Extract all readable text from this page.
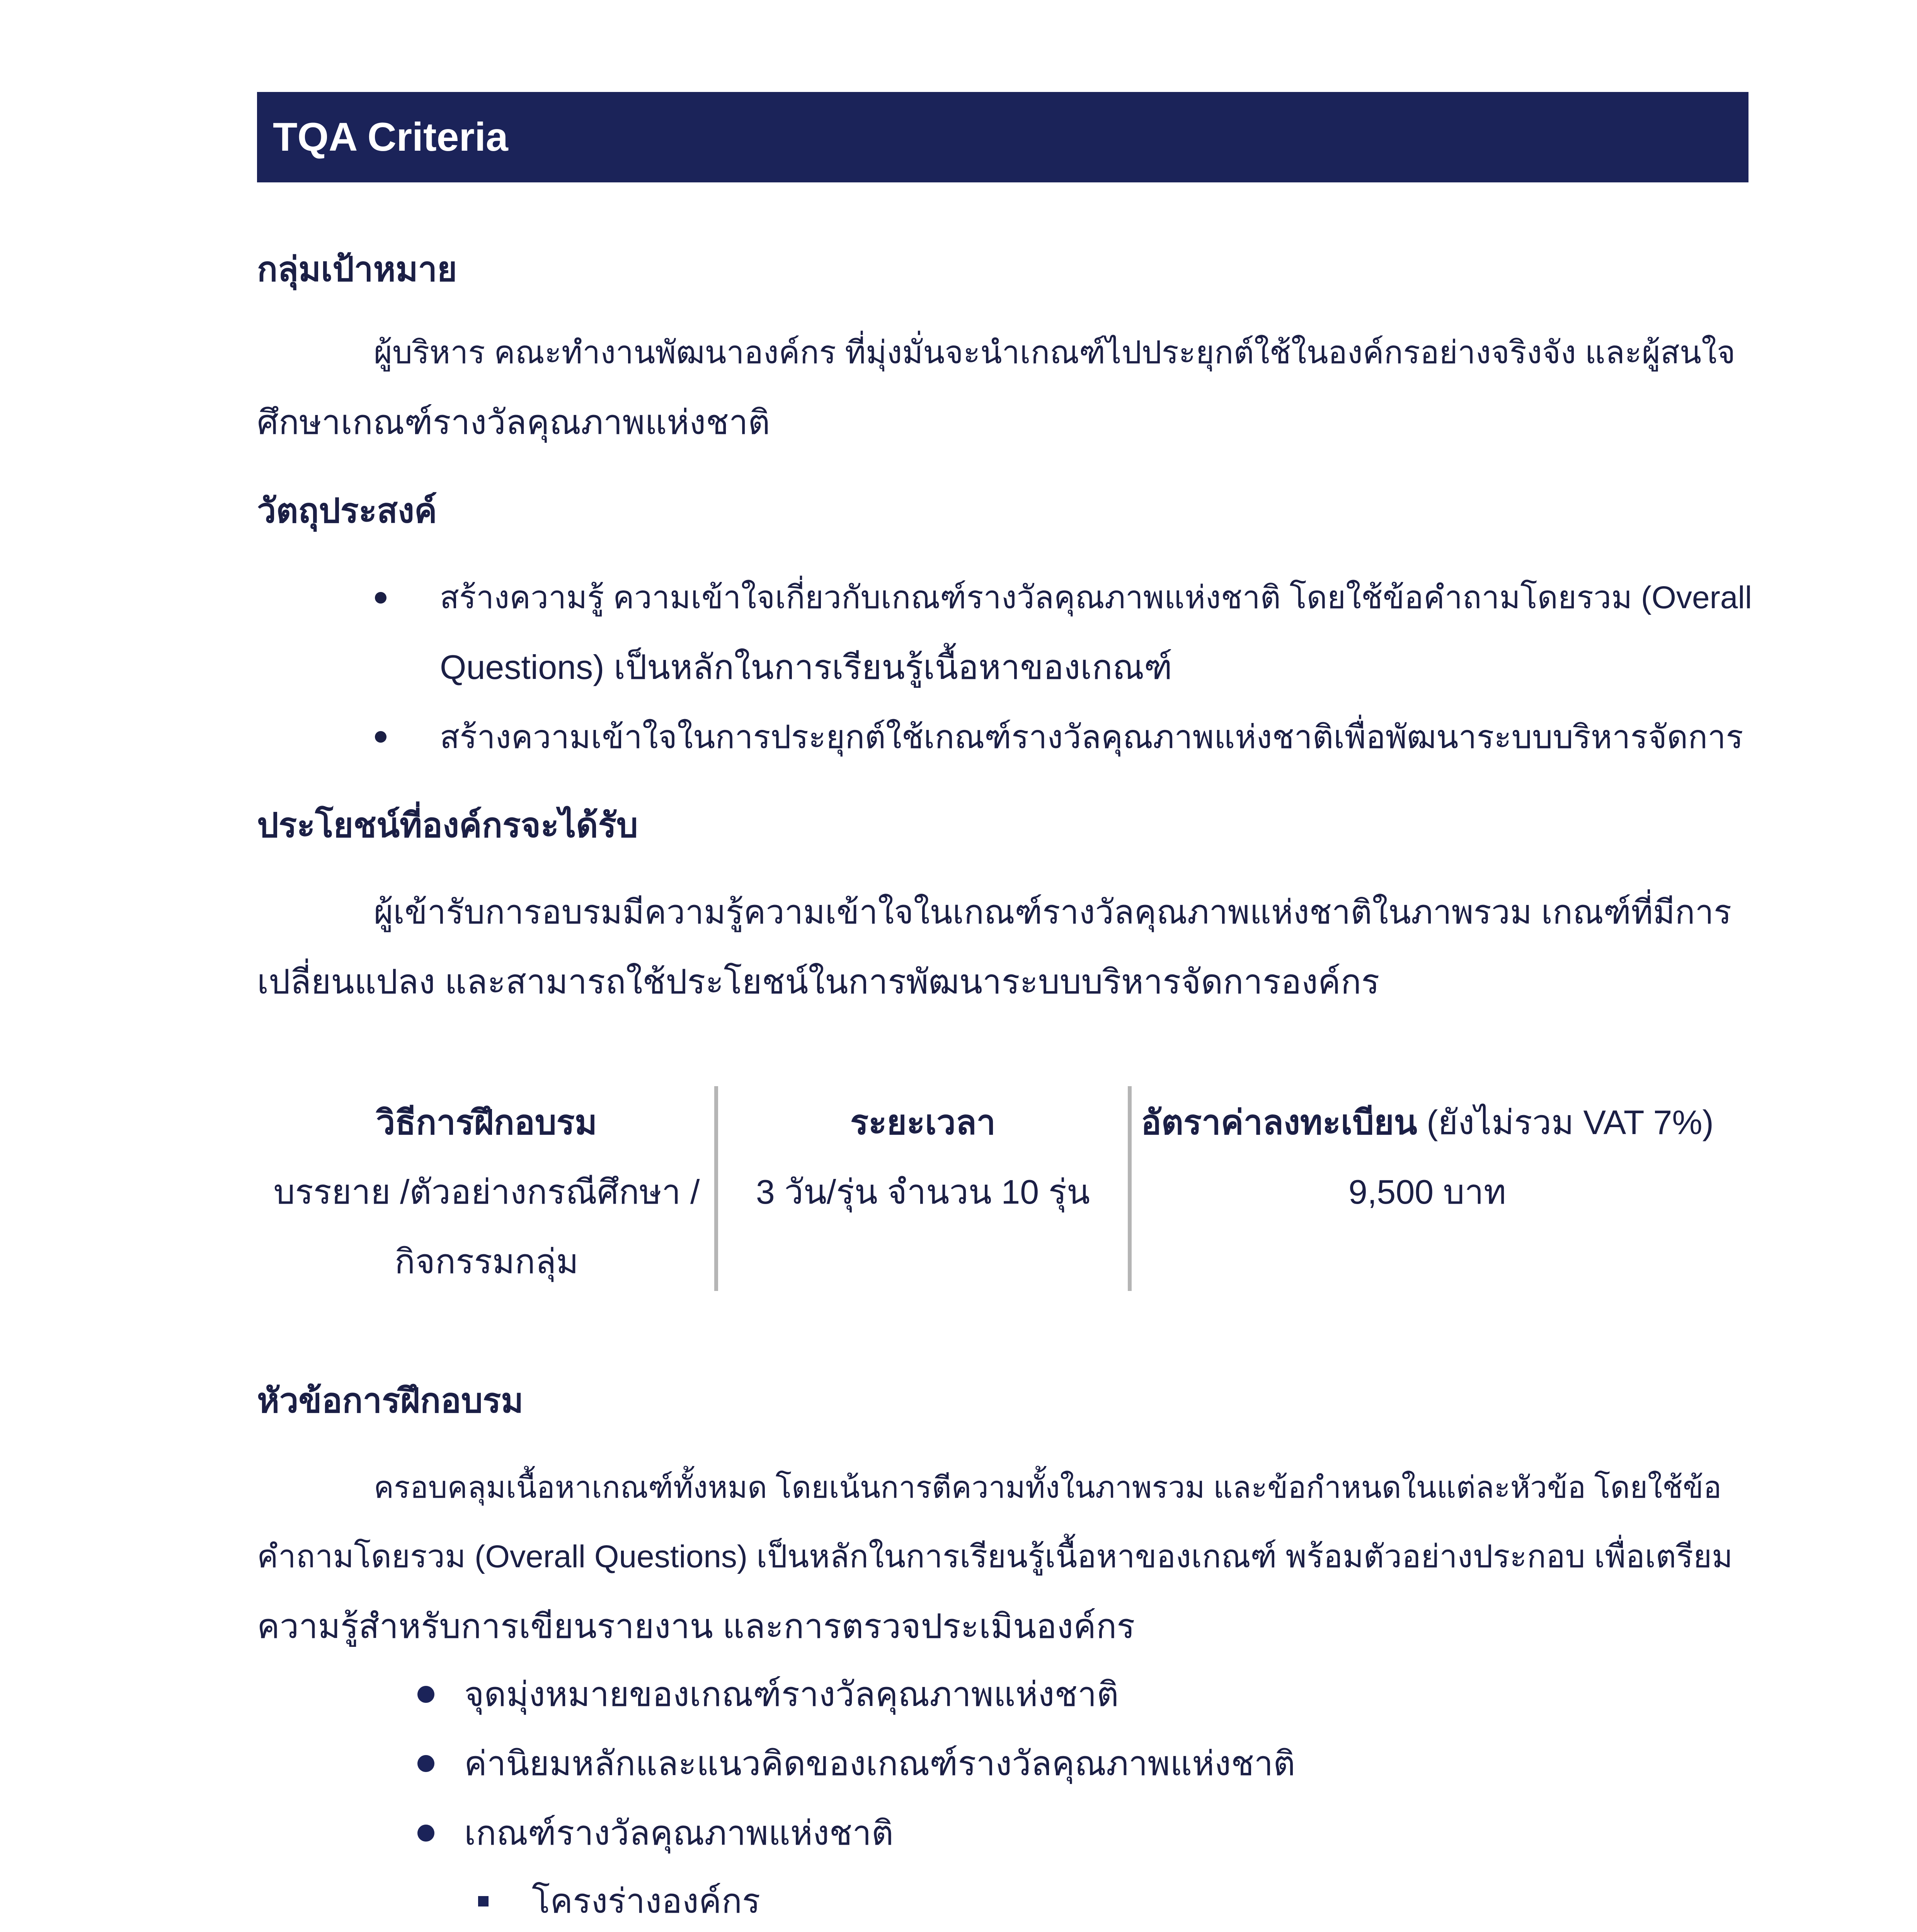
TQA Criteria
กลุ่มเป้าหมาย
ผู้บริหาร คณะทำงานพัฒนาองค์กร ที่มุ่งมั่นจะนำเกณฑ์ไปประยุกต์ใช้ในองค์กรอย่างจริงจัง และผู้สนใจ
ศึกษาเกณฑ์รางวัลคุณภาพแห่งชาติ
วัตถุประสงค์
สร้างความรู้ ความเข้าใจเกี่ยวกับเกณฑ์รางวัลคุณภาพแห่งชาติ โดยใช้ข้อคำถามโดยรวม (Overall
Questions) เป็นหลักในการเรียนรู้เนื้อหาของเกณฑ์
สร้างความเข้าใจในการประยุกต์ใช้เกณฑ์รางวัลคุณภาพแห่งชาติเพื่อพัฒนาระบบบริหารจัดการ
ประโยชน์ที่องค์กรจะได้รับ
ผู้เข้ารับการอบรมมีความรู้ความเข้าใจในเกณฑ์รางวัลคุณภาพแห่งชาติในภาพรวม เกณฑ์ที่มีการ
เปลี่ยนแปลง และสามารถใช้ประโยชน์ในการพัฒนาระบบบริหารจัดการองค์กร
วิธีการฝึกอบรม
บรรยาย /ตัวอย่างกรณีศึกษา /
กิจกรรมกลุ่ม
ระยะเวลา
3 วัน/รุ่น จำนวน 10 รุ่น
อัตราค่าลงทะเบียน (ยังไม่รวม VAT 7%)
9,500 บาท
หัวข้อการฝึกอบรม
ครอบคลุมเนื้อหาเกณฑ์ทั้งหมด โดยเน้นการตีความทั้งในภาพรวม และข้อกำหนดในแต่ละหัวข้อ โดยใช้ข้อ
คำถามโดยรวม (Overall Questions) เป็นหลักในการเรียนรู้เนื้อหาของเกณฑ์ พร้อมตัวอย่างประกอบ เพื่อเตรียม
ความรู้สำหรับการเขียนรายงาน และการตรวจประเมินองค์กร
จุดมุ่งหมายของเกณฑ์รางวัลคุณภาพแห่งชาติ
ค่านิยมหลักและแนวคิดของเกณฑ์รางวัลคุณภาพแห่งชาติ
เกณฑ์รางวัลคุณภาพแห่งชาติ
โครงร่างองค์กร
